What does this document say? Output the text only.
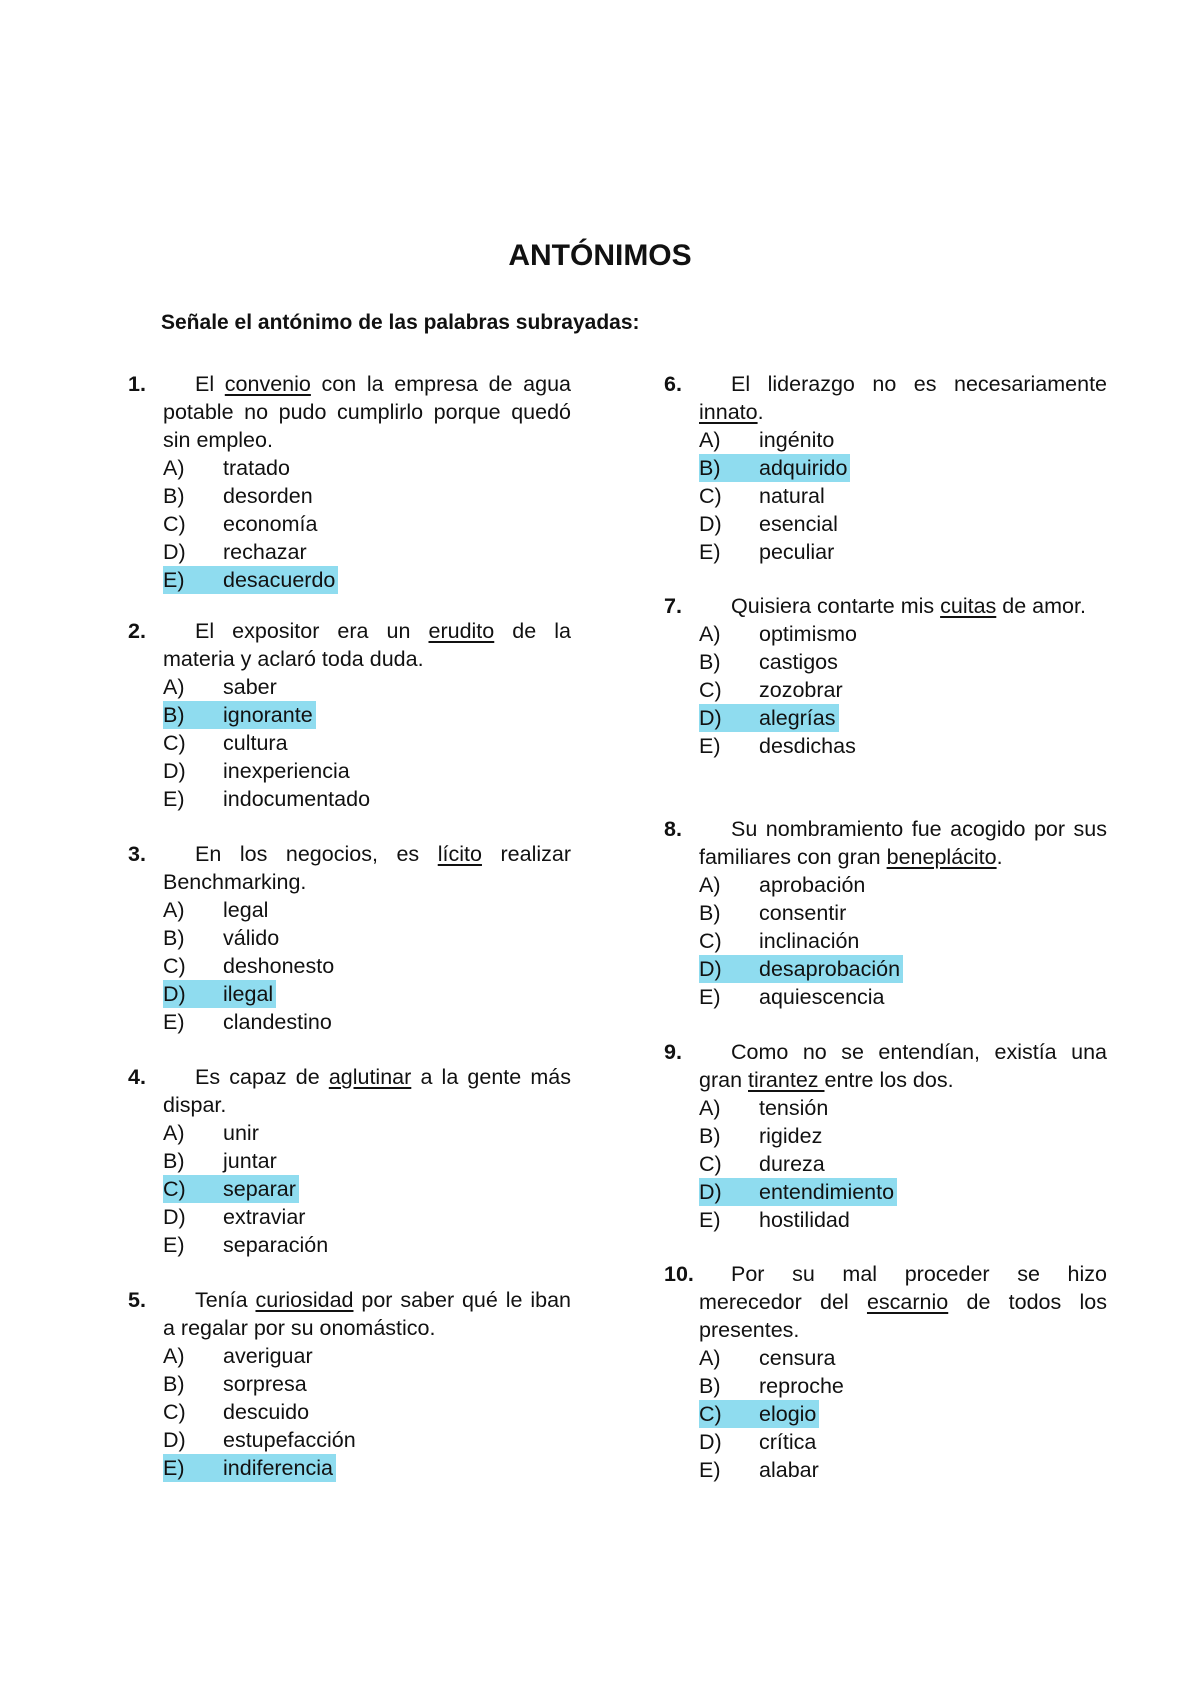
ANTÓNIMOS
Señale el antónimo de las palabras subrayadas:
1.	El convenio con la empresa de agua potable no pudo cumplirlo porque quedó sin empleo.
A) tratado
B) desorden
C) economía
D) rechazar
E) desacuerdo
2.	El expositor era un erudito de la materia y aclaró toda duda.
A) saber
B) ignorante
C) cultura
D) inexperiencia
E) indocumentado
3.	En los negocios, es lícito realizar Benchmarking.
A) legal
B) válido
C) deshonesto
D) ilegal
E) clandestino
4.	Es capaz de aglutinar a la gente más dispar.
A) unir
B) juntar
C) separar
D) extraviar
E) separación
5.	Tenía curiosidad por saber qué le iban a regalar por su onomástico.
A) averiguar
B) sorpresa
C) descuido
D) estupefacción
E) indiferencia
6.	El liderazgo no es necesariamente innato.
A) ingénito
B) adquirido
C) natural
D) esencial
E) peculiar
7.	Quisiera contarte mis cuitas de amor.
A) optimismo
B) castigos
C) zozobrar
D) alegrías
E) desdichas
8.	Su nombramiento fue acogido por sus familiares con gran beneplácito.
A) aprobación
B) consentir
C) inclinación
D) desaprobación
E) aquiescencia
9.	Como no se entendían, existía una gran tirantez entre los dos.
A) tensión
B) rigidez
C) dureza
D) entendimiento
E) hostilidad
10.	Por su mal proceder se hizo merecedor del escarnio de todos los presentes.
A) censura
B) reproche
C) elogio
D) crítica
E) alabar
